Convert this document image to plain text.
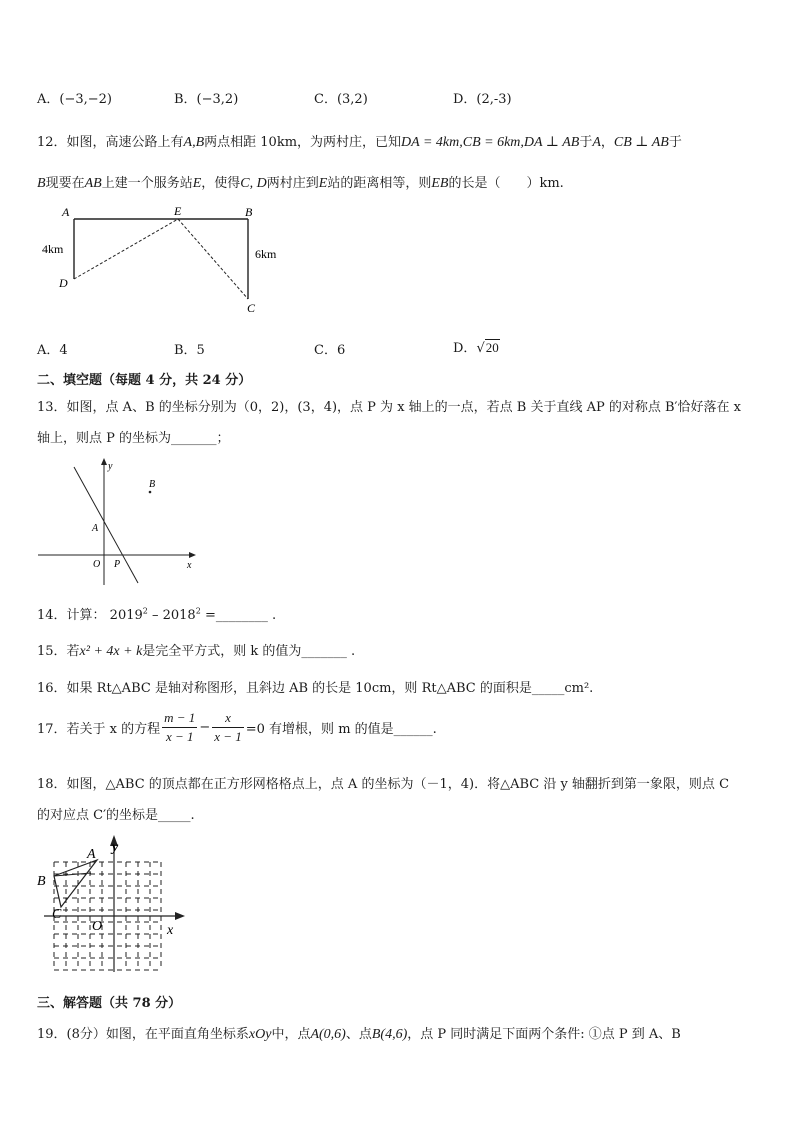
A．(−3,−2)	B．(−3,2)	C．(3,2)	D．(2,-3)
12．如图，高速公路上有A,B两点相距 10km，为两村庄，已知DA = 4km,CB = 6km,DA ⊥ AB于A，CB ⊥ AB于
B现要在AB上建一个服务站E，使得C, D两村庄到E站的距离相等，则EB的长是（　　）km.
A	E	B
D
C
4km	6km
A．4	B．5	C．6	D．√20
二、填空题（每题 4 分，共 24 分）
13．如图，点 A、B 的坐标分别为（0，2)，(3，4)，点 P 为 x 轴上的一点，若点 B 关于直线 AP 的对称点 B′恰好落在 x
轴上，则点 P 的坐标为_______；
y
x
A
B
O P
14．计算： $2019^2 - 2018^2$ =________ .
15．若x² + 4x + k是完全平方式，则 k 的值为_______ .
16．如果 Rt△ABC 是轴对称图形，且斜边 AB 的长是 10cm，则 Rt△ABC 的面积是_____cm².
17．若关于 x 的方程 $\frac{m - 1}{x - 1} - \frac{x}{x - 1} =0$ 有增根，则 m 的值是______.
18．如图，△ABC 的顶点都在正方形网格格点上，点 A 的坐标为（－1，4)．将△ABC 沿 y 轴翻折到第一象限，则点 C
的对应点 C′的坐标是_____.
y
x
A
B
C
O
三、解答题（共 78 分）
19．(8分）如图，在平面直角坐标系xOy中，点A(0,6)、点B(4,6)，点 P 同时满足下面两个条件: ①点 P 到 A、B
